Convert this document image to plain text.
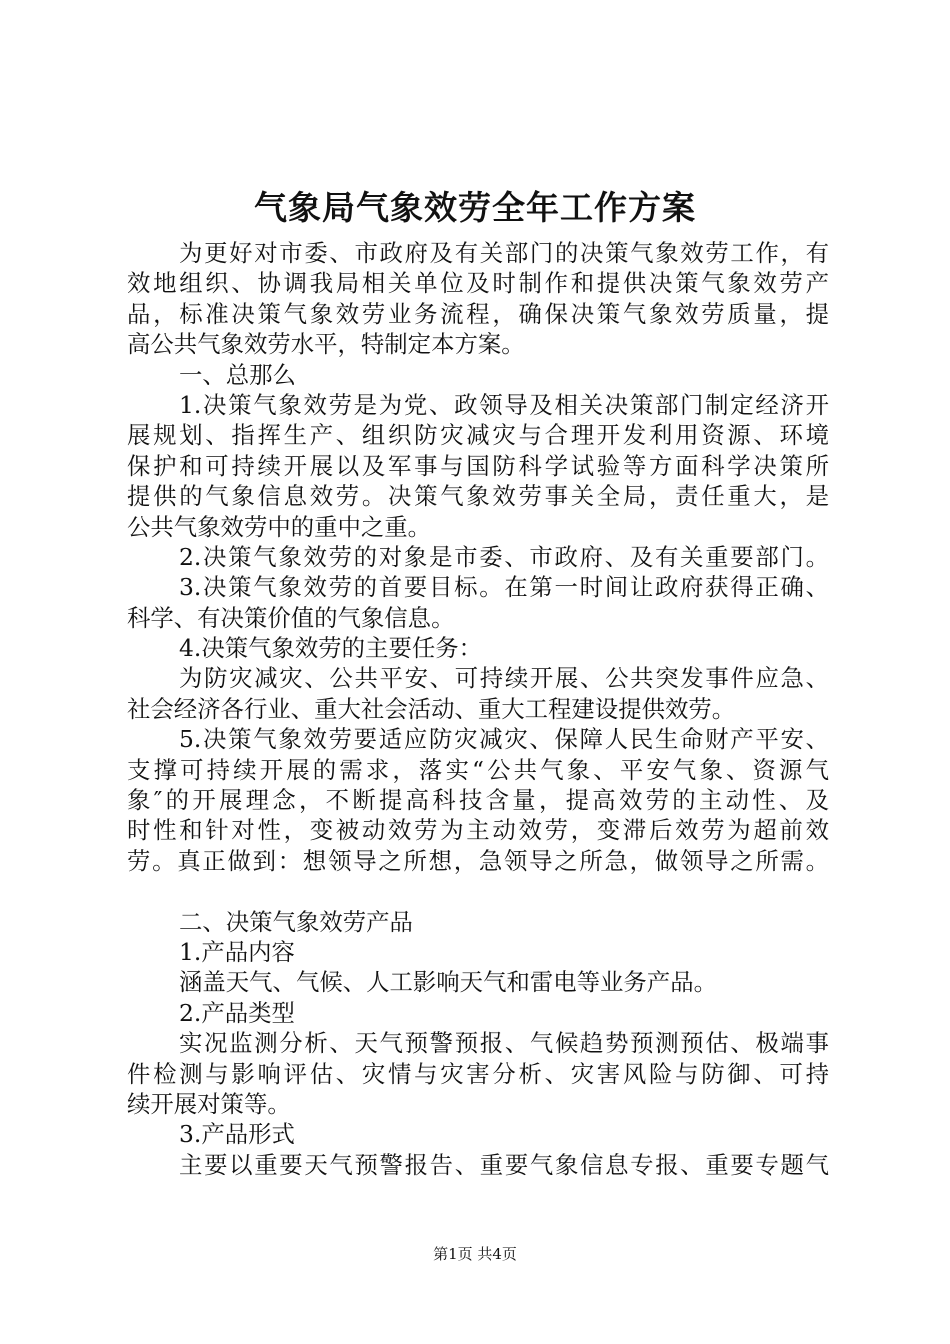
气象局气象效劳全年工作方案
为更好对市委、市政府及有关部门的决策气象效劳工作，有
效地组织、协调我局相关单位及时制作和提供决策气象效劳产
品，标准决策气象效劳业务流程，确保决策气象效劳质量，提
高公共气象效劳水平，特制定本方案。
一、总那么
1.决策气象效劳是为党、政领导及相关决策部门制定经济开
展规划、指挥生产、组织防灾减灾与合理开发利用资源、环境
保护和可持续开展以及军事与国防科学试验等方面科学决策所
提供的气象信息效劳。决策气象效劳事关全局，责任重大，是
公共气象效劳中的重中之重。
2.决策气象效劳的对象是市委、市政府、及有关重要部门。
3.决策气象效劳的首要目标。在第一时间让政府获得正确、
科学、有决策价值的气象信息。
4.决策气象效劳的主要任务：
为防灾减灾、公共平安、可持续开展、公共突发事件应急、
社会经济各行业、重大社会活动、重大工程建设提供效劳。
5.决策气象效劳要适应防灾减灾、保障人民生命财产平安、
支撑可持续开展的需求，落实“公共气象、平安气象、资源气
象″的开展理念，不断提高科技含量，提高效劳的主动性、及
时性和针对性，变被动效劳为主动效劳，变滞后效劳为超前效
劳。真正做到：想领导之所想，急领导之所急，做领导之所需。
二、决策气象效劳产品
1.产品内容
涵盖天气、气候、人工影响天气和雷电等业务产品。
2.产品类型
实况监测分析、天气预警预报、气候趋势预测预估、极端事
件检测与影响评估、灾情与灾害分析、灾害风险与防御、可持
续开展对策等。
3.产品形式
主要以重要天气预警报告、重要气象信息专报、重要专题气
第1页 共4页
